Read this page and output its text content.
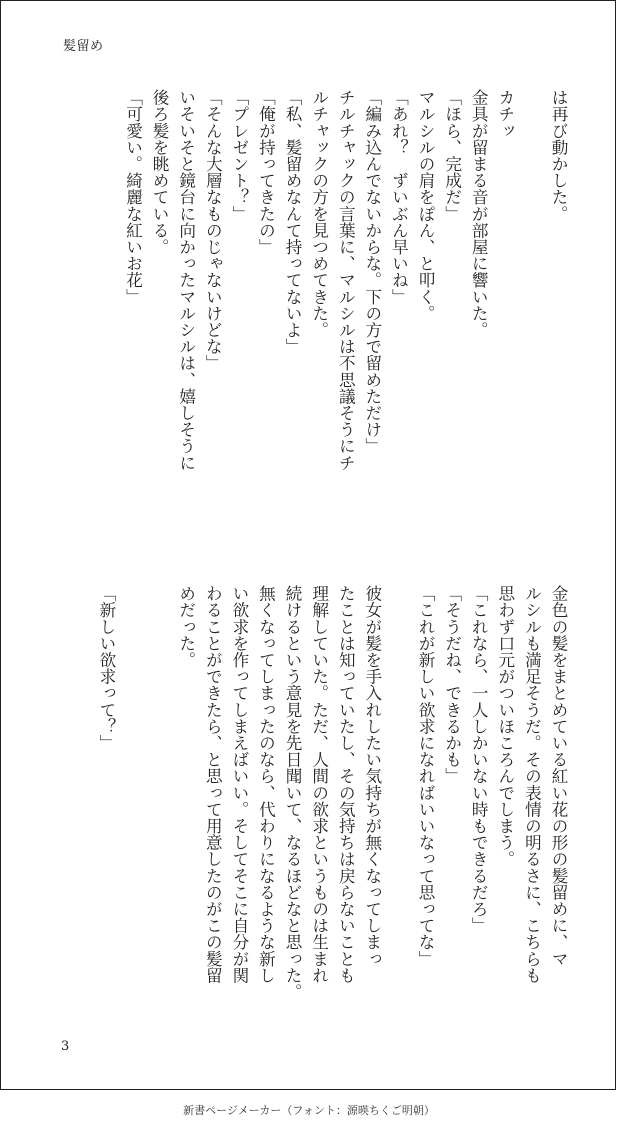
髪留め
は再び動かした。
カチッ
金具が留まる音が部屋に響いた。
「ほら、完成だ」
マルシルの肩をぽん、と叩く。
「あれ？　ずいぶん早いね」
「編み込んでないからな。下の方で留めただけ」
チルチャックの言葉に、マルシルは不思議そうにチ
ルチャックの方を見つめてきた。
「私、髪留めなんて持ってないよ」
「俺が持ってきたの」
「プレゼント？」
「そんな大層なものじゃないけどな」
いそいそと鏡台に向かったマルシルは、嬉しそうに
後ろ髪を眺めている。
「可愛い。綺麗な紅いお花」
金色の髪をまとめている紅い花の形の髪留めに、マ
ルシルも満足そうだ。その表情の明るさに、こちらも
思わず口元がついほころんでしまう。
「これなら、一人しかいない時もできるだろ」
「そうだね、できるかも」
「これが新しい欲求になればいいなって思ってな」
彼女が髪を手入れしたい気持ちが無くなってしまっ
たことは知っていたし、その気持ちは戻らないことも
理解していた。ただ、人間の欲求というものは生まれ
続けるという意見を先日聞いて、なるほどなと思った。
無くなってしまったのなら、代わりになるような新し
い欲求を作ってしまえばいい。そしてそこに自分が関
わることができたら、と思って用意したのがこの髪留
めだった。
「新しい欲求って？」
3
新書ページメーカー（フォント：源暎ちくご明朝）
